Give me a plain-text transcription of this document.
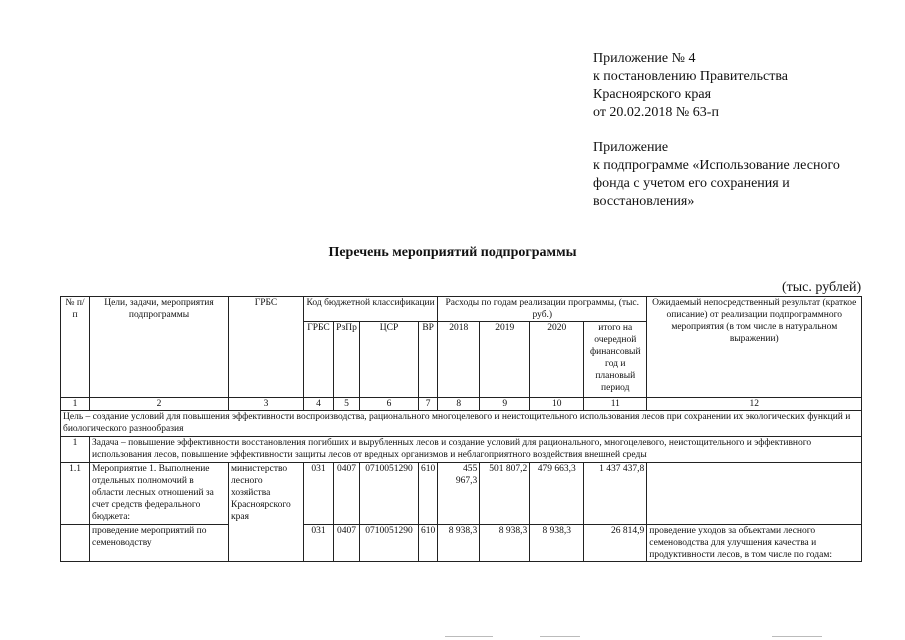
Приложение № 4
к постановлению Правительства
Красноярского края
от 20.02.2018 № 63-п
Приложение
к подпрограмме «Использование лесного
фонда с учетом его сохранения и
восстановления»
Перечень мероприятий подпрограммы
(тыс. рублей)
№ п/п	Цели, задачи, мероприятия подпрограммы	ГРБС	Код бюджетной классификации				Расходы по годам реализации программы, (тыс. руб.)				Ожидаемый непосредственный результат (краткое описание) от реализации подпрограммного мероприятия (в том числе в натуральном выражении)
			ГРБС	РзПр	ЦСР	ВР	2018	2019	2020	итого на очередной финансовый год и плановый период	
1	2	3	4	5	6	7	8	9	10	11	12
Цель – создание условий для повышения эффективности воспроизводства, рационального многоцелевого и неистощительного использования лесов при сохранении их экологических функций и биологического разнообразия											
1	Задача – повышение эффективности восстановления погибших и вырубленных лесов и создание условий для рационального, многоцелевого, неистощительного и эффективного использования лесов, повышение эффективности защиты лесов от вредных организмов и неблагоприятного воздействия внешней среды										
1.1	Мероприятие 1. Выполнение отдельных полномочий в области лесных отношений за счет средств федерального бюджета:	министерство лесного хозяйства Красноярского края	031	0407	0710051290	610	455 967,3	501 807,2	479 663,3	1 437 437,8	
	проведение мероприятий по семеноводству		031	0407	0710051290	610	8 938,3	8 938,3	8 938,3	26 814,9	проведение уходов за объектами лесного семеноводства для улучшения качества и продуктивности лесов, в том числе по годам:
